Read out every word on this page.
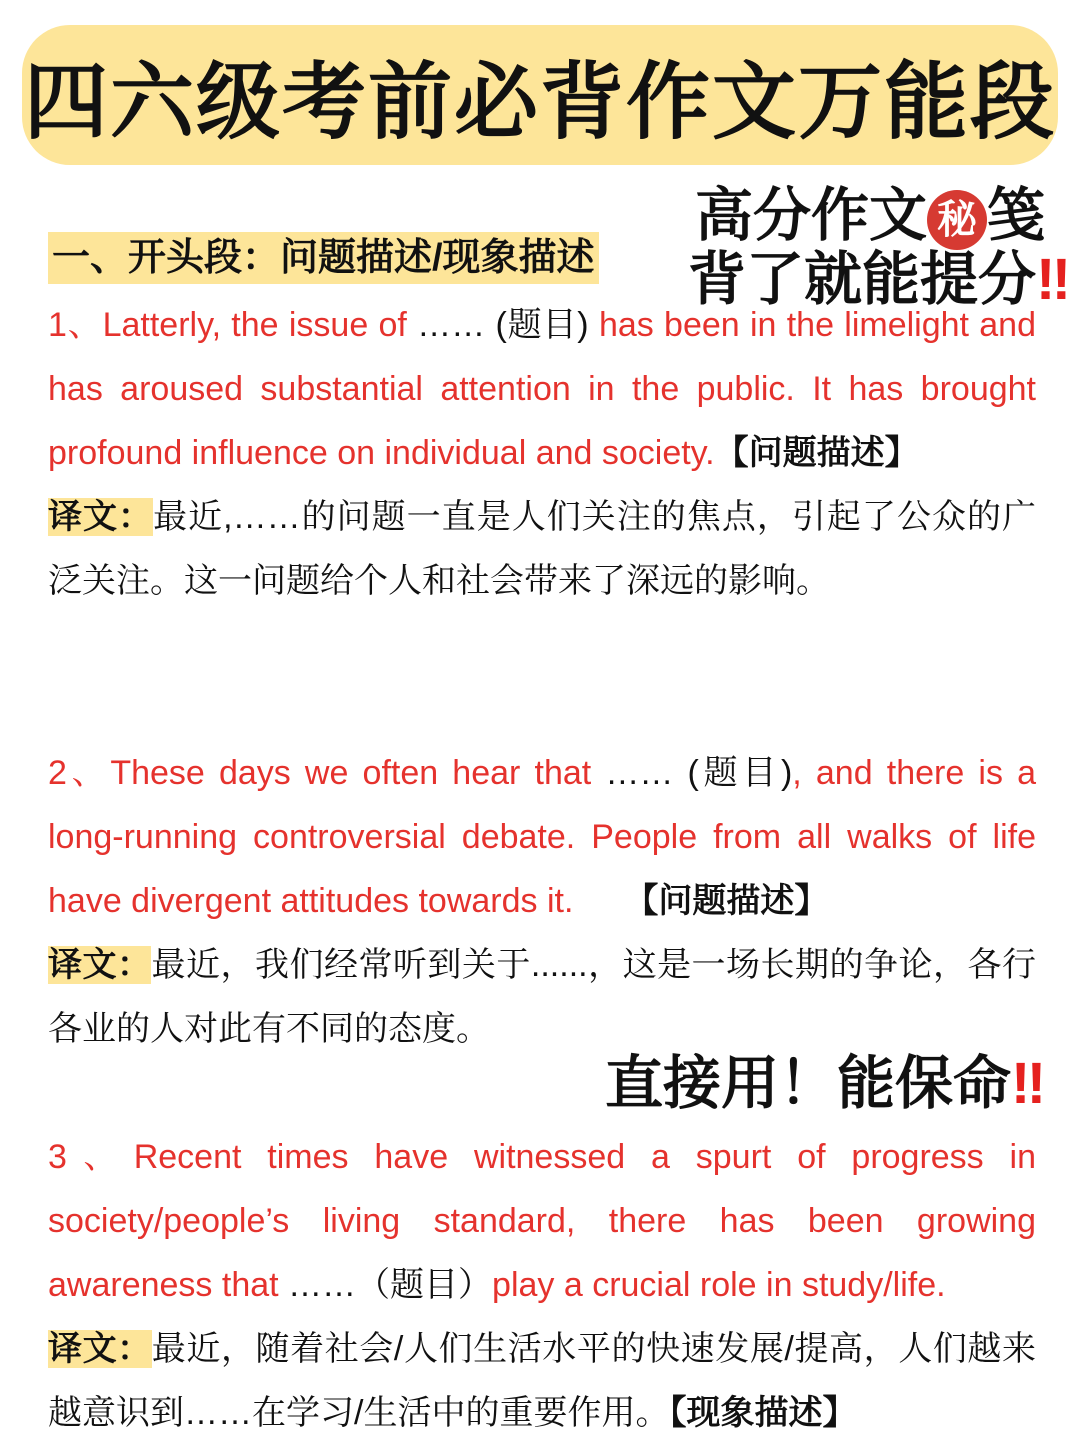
四六级考前必背作文万能段
高分作文 秘 笺
背了就能提分‼
一、开头段：问题描述/现象描述
1、Latterly, the issue of …… (题目) has been in the limelight and has aroused substantial attention in the public. It has brought profound influence on individual and society.【问题描述】
译文：最近,……的问题一直是人们关注的焦点，引起了公众的广泛关注。这一问题给个人和社会带来了深远的影响。
2、These days we often hear that …… (题目), and there is a long-running controversial debate. People from all walks of life have divergent attitudes towards it.　　【问题描述】
译文：最近，我们经常听到关于......，这是一场长期的争论，各行各业的人对此有不同的态度。
直接用！能保命‼
3、Recent times have witnessed a spurt of progress in society/people’s living standard, there has been growing awareness that ……（题目）play a crucial role in study/life.
译文：最近，随着社会/人们生活水平的快速发展/提高，人们越来越意识到……在学习/生活中的重要作用。【现象描述】
